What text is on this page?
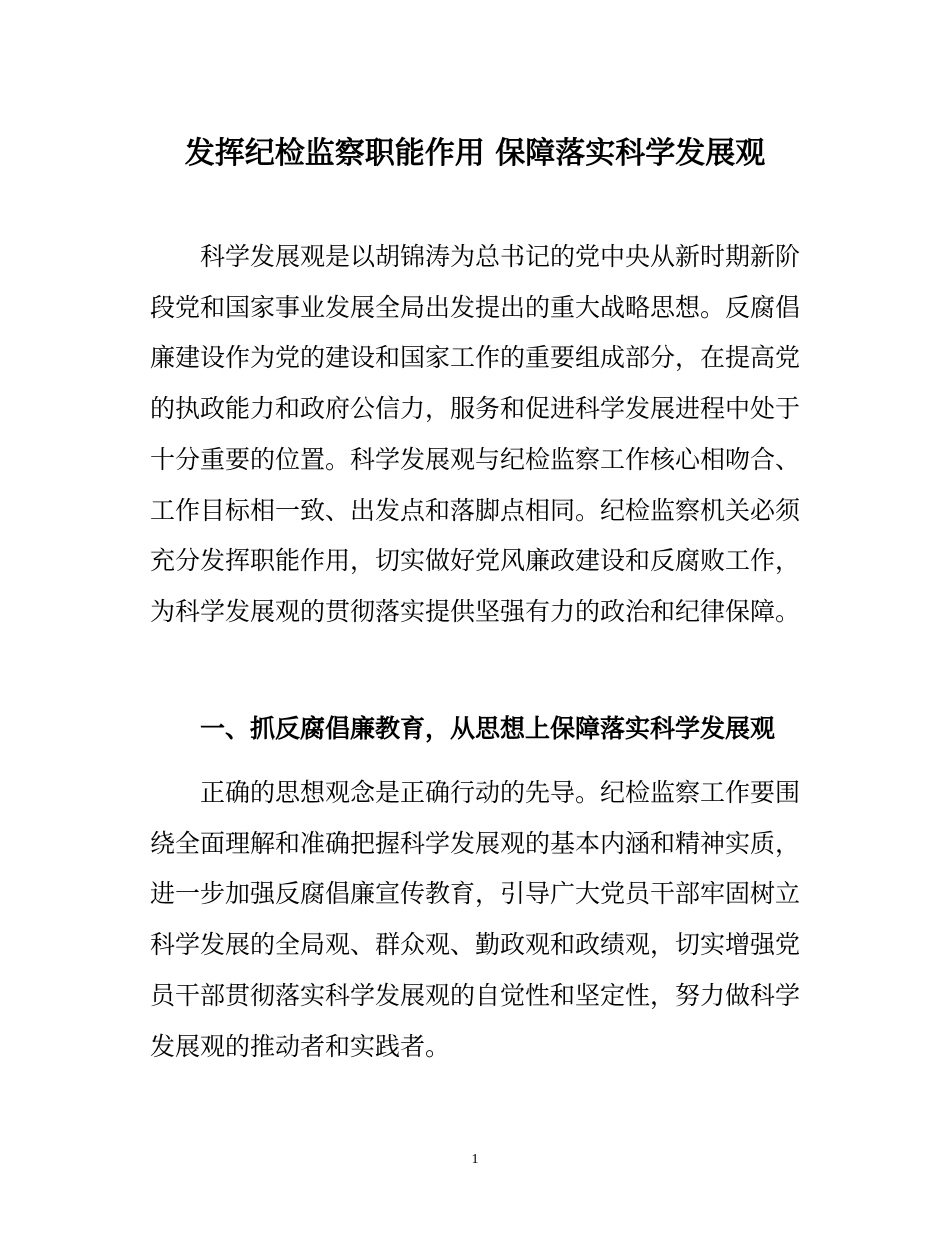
发挥纪检监察职能作用 保障落实科学发展观

科学发展观是以胡锦涛为总书记的党中央从新时期新阶段党和国家事业发展全局出发提出的重大战略思想。反腐倡廉建设作为党的建设和国家工作的重要组成部分，在提高党的执政能力和政府公信力，服务和促进科学发展进程中处于十分重要的位置。科学发展观与纪检监察工作核心相吻合、工作目标相一致、出发点和落脚点相同。纪检监察机关必须充分发挥职能作用，切实做好党风廉政建设和反腐败工作，为科学发展观的贯彻落实提供坚强有力的政治和纪律保障。

一、抓反腐倡廉教育，从思想上保障落实科学发展观

正确的思想观念是正确行动的先导。纪检监察工作要围绕全面理解和准确把握科学发展观的基本内涵和精神实质，进一步加强反腐倡廉宣传教育，引导广大党员干部牢固树立科学发展的全局观、群众观、勤政观和政绩观，切实增强党员干部贯彻落实科学发展观的自觉性和坚定性，努力做科学发展观的推动者和实践者。

1
